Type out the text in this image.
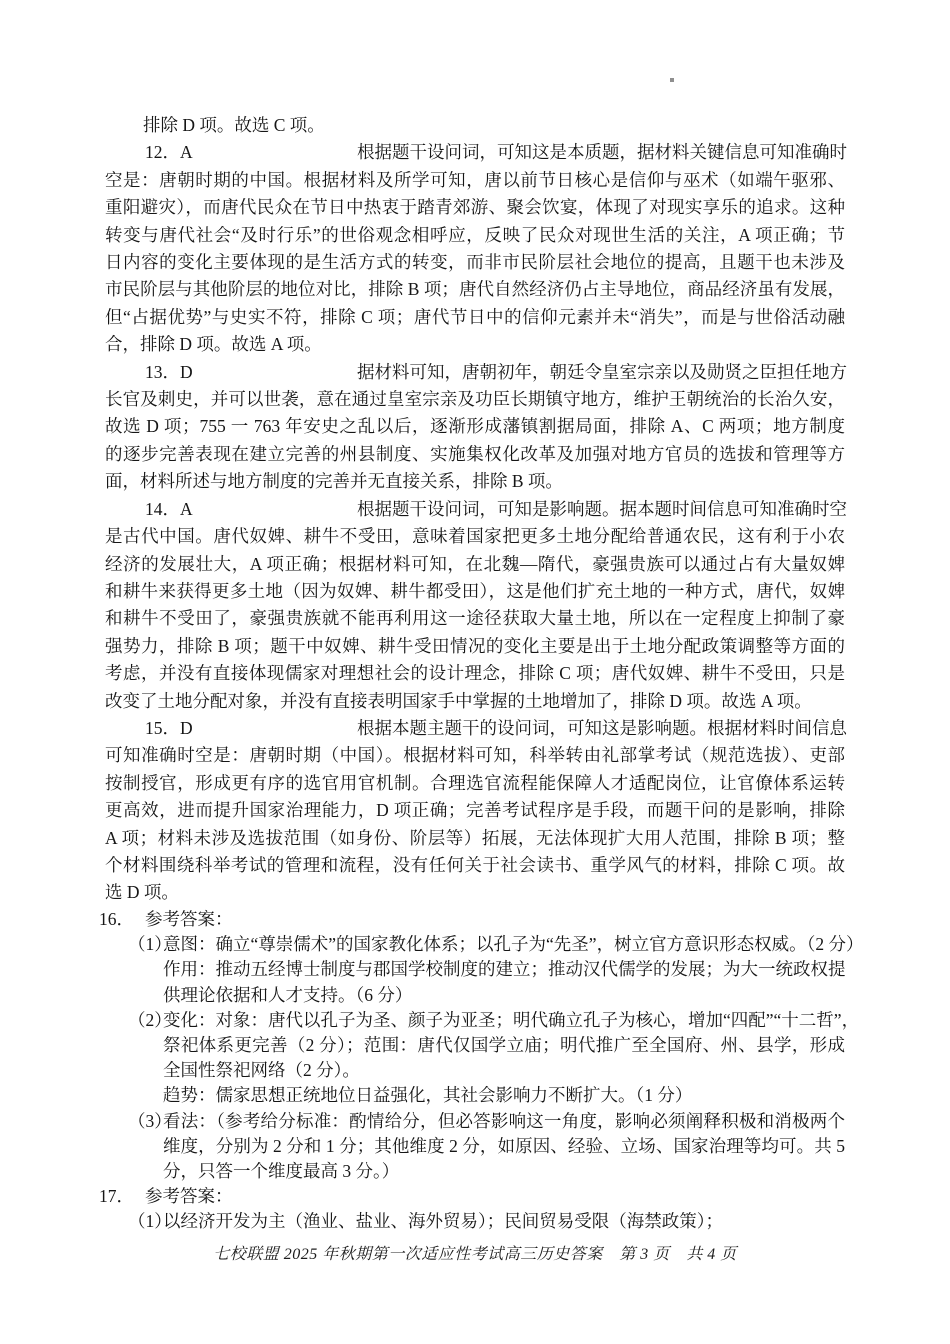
排除 D 项。故选 C 项。
12．A	根据题干设问词，可知这是本质题，据材料关键信息可知准确时
空是：唐朝时期的中国。根据材料及所学可知，唐以前节日核心是信仰与巫术（如端午驱邪、
重阳避灾），而唐代民众在节日中热衷于踏青郊游、聚会饮宴，体现了对现实享乐的追求。这种
转变与唐代社会“及时行乐”的世俗观念相呼应，反映了民众对现世生活的关注，A 项正确；节
日内容的变化主要体现的是生活方式的转变，而非市民阶层社会地位的提高，且题干也未涉及
市民阶层与其他阶层的地位对比，排除 B 项；唐代自然经济仍占主导地位，商品经济虽有发展，
但“占据优势”与史实不符，排除 C 项；唐代节日中的信仰元素并未“消失”，而是与世俗活动融
合，排除 D 项。故选 A 项。
13．D	据材料可知，唐朝初年，朝廷令皇室宗亲以及勋贤之臣担任地方
长官及刺史，并可以世袭，意在通过皇室宗亲及功臣长期镇守地方，维护王朝统治的长治久安，
故选 D 项；755 一 763 年安史之乱以后，逐渐形成藩镇割据局面，排除 A、C 两项；地方制度
的逐步完善表现在建立完善的州县制度、实施集权化改革及加强对地方官员的选拔和管理等方
面，材料所述与地方制度的完善并无直接关系，排除 B 项。
14．A	根据题干设问词，可知是影响题。据本题时间信息可知准确时空
是古代中国。唐代奴婢、耕牛不受田，意味着国家把更多土地分配给普通农民，这有利于小农
经济的发展壮大，A 项正确；根据材料可知，在北魏—隋代，豪强贵族可以通过占有大量奴婢
和耕牛来获得更多土地（因为奴婢、耕牛都受田），这是他们扩充土地的一种方式，唐代，奴婢
和耕牛不受田了，豪强贵族就不能再利用这一途径获取大量土地，所以在一定程度上抑制了豪
强势力，排除 B 项；题干中奴婢、耕牛受田情况的变化主要是出于土地分配政策调整等方面的
考虑，并没有直接体现儒家对理想社会的设计理念，排除 C 项；唐代奴婢、耕牛不受田，只是
改变了土地分配对象，并没有直接表明国家手中掌握的土地增加了，排除 D 项。故选 A 项。
15．D	根据本题主题干的设问词，可知这是影响题。根据材料时间信息
可知准确时空是：唐朝时期（中国）。根据材料可知，科举转由礼部掌考试（规范选拔）、吏部
按制授官，形成更有序的选官用官机制。合理选官流程能保障人才适配岗位，让官僚体系运转
更高效，进而提升国家治理能力，D 项正确；完善考试程序是手段，而题干问的是影响，排除
A 项；材料未涉及选拔范围（如身份、阶层等）拓展，无法体现扩大用人范围，排除 B 项；整
个材料围绕科举考试的管理和流程，没有任何关于社会读书、重学风气的材料，排除 C 项。故
选 D 项。
16． 参考答案：
（1）
意图：确立“尊崇儒术”的国家教化体系；以孔子为“先圣”，树立官方意识形态权威。（2 分）
作用：推动五经博士制度与郡国学校制度的建立；推动汉代儒学的发展；为大一统政权提
供理论依据和人才支持。（6 分）
（2）
变化：对象：唐代以孔子为圣、颜子为亚圣；明代确立孔子为核心，增加“四配”“十二哲”，
祭祀体系更完善（2 分）；范围：唐代仅国学立庙；明代推广至全国府、州、县学，形成
全国性祭祀网络（2 分）。
趋势：儒家思想正统地位日益强化，其社会影响力不断扩大。（1 分）
（3）
看法：（参考给分标准：酌情给分，但必答影响这一角度，影响必须阐释积极和消极两个
维度，分别为 2 分和 1 分；其他维度 2 分，如原因、经验、立场、国家治理等均可。共 5
分，只答一个维度最高 3 分。）
17． 参考答案：
（1）
以经济开发为主（渔业、盐业、海外贸易）；民间贸易受限（海禁政策）；
七校联盟 2025 年秋期第一次适应性考试高三历史答案　第 3 页　共 4 页
